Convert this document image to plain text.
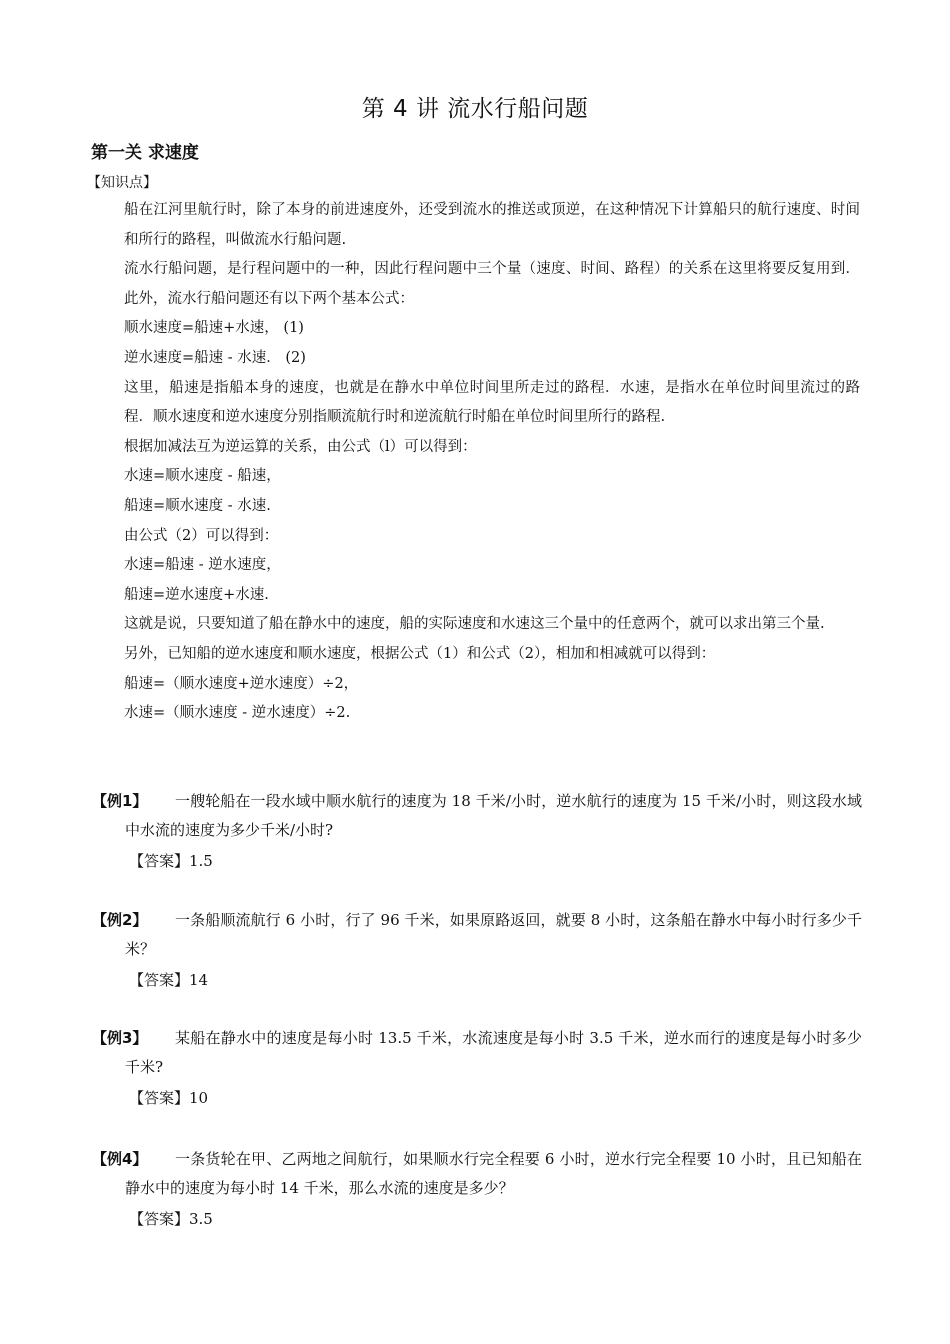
第 4 讲 流水行船问题
第一关 求速度
【知识点】

船在江河里航行时，除了本身的前进速度外，还受到流水的推送或顶逆，在这种情况下计算船只的航行速度、时间和所行的路程，叫做流水行船问题.

流水行船问题，是行程问题中的一种，因此行程问题中三个量（速度、时间、路程）的关系在这里将要反复用到．此外，流水行船问题还有以下两个基本公式：

顺水速度=船速+水速， (1)

逆水速度=船速 - 水速． (2)

这里，船速是指船本身的速度，也就是在静水中单位时间里所走过的路程．水速，是指水在单位时间里流过的路程．顺水速度和逆水速度分别指顺流航行时和逆流航行时船在单位时间里所行的路程.

根据加减法互为逆运算的关系，由公式（l）可以得到：

水速=顺水速度 - 船速，

船速=顺水速度 - 水速.

由公式（2）可以得到：

水速=船速 - 逆水速度，

船速=逆水速度+水速.

这就是说，只要知道了船在静水中的速度，船的实际速度和水速这三个量中的任意两个，就可以求出第三个量.

另外，已知船的逆水速度和顺水速度，根据公式（1）和公式（2），相加和相减就可以得到：

船速=（顺水速度+逆水速度）÷2，

水速=（顺水速度 - 逆水速度）÷2.

【例1】	一艘轮船在一段水域中顺水航行的速度为 18 千米/小时，逆水航行的速度为 15 千米/小时，则这段水域中水流的速度为多少千米/小时?
【答案】1.5
【例2】	一条船顺流航行 6 小时，行了 96 千米，如果原路返回，就要 8 小时，这条船在静水中每小时行多少千米？
【答案】14
【例3】	某船在静水中的速度是每小时 13.5 千米，水流速度是每小时 3.5 千米，逆水而行的速度是每小时多少千米?
【答案】10
【例4】	一条货轮在甲、乙两地之间航行，如果顺水行完全程要 6 小时，逆水行完全程要 10 小时，且已知船在静水中的速度为每小时 14 千米，那么水流的速度是多少？
【答案】3.5
